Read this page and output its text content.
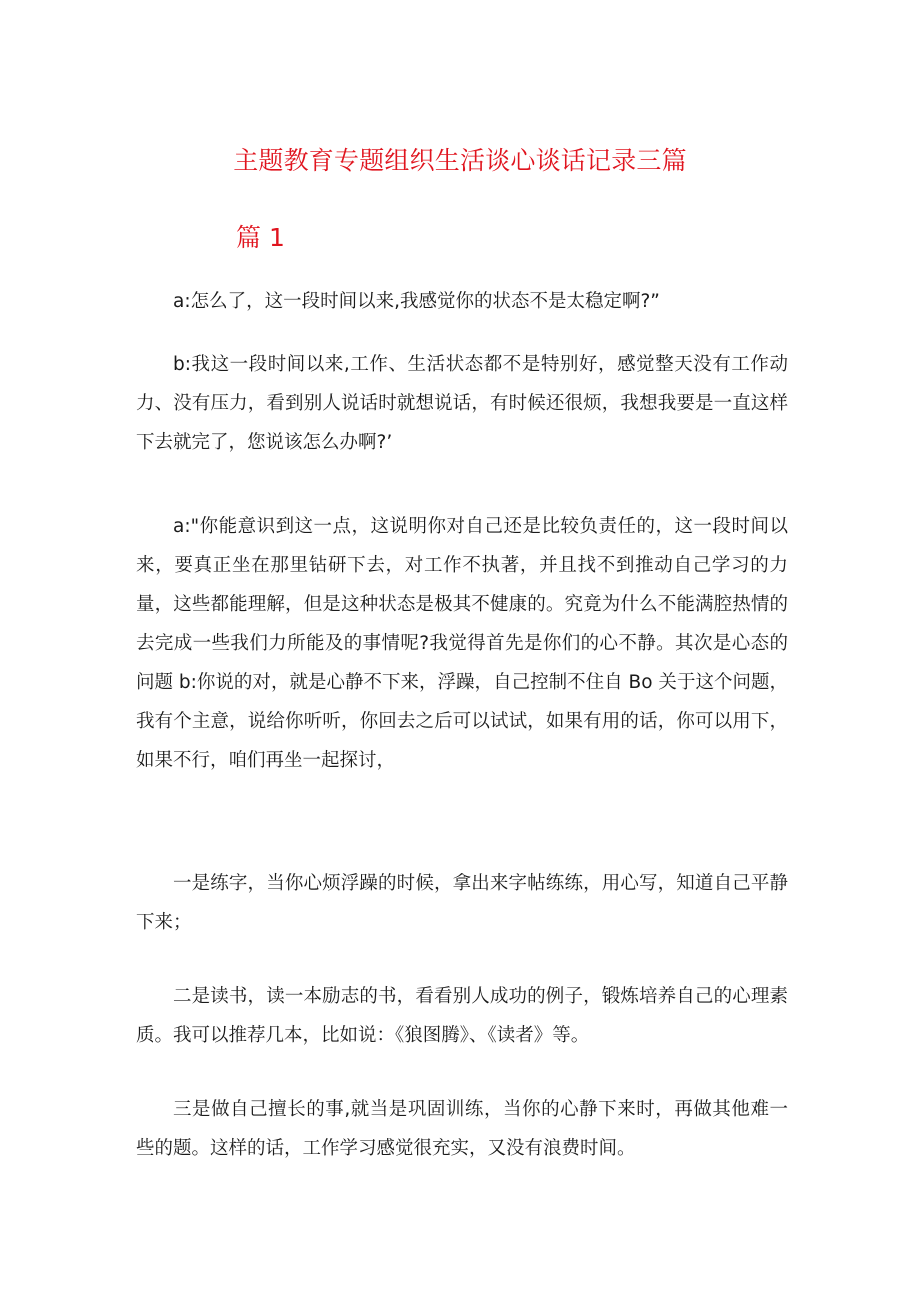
主题教育专题组织生活谈心谈话记录三篇
篇 1

a:怎么了，这一段时间以来,我感觉你的状态不是太稳定啊?”

b:我这一段时间以来,工作、生活状态都不是特别好，感觉整天没有工作动力、没有压力，看到别人说话时就想说话，有时候还很烦，我想我要是一直这样下去就完了，您说该怎么办啊?’

a:"你能意识到这一点，这说明你对自己还是比较负责任的，这一段时间以来，要真正坐在那里钻研下去，对工作不执著，并且找不到推动自己学习的力量，这些都能理解，但是这种状态是极其不健康的。究竟为什么不能满腔热情的去完成一些我们力所能及的事情呢?我觉得首先是你们的心不静。其次是心态的问题 b:你说的对，就是心静不下来，浮躁，自己控制不住自 Bo 关于这个问题，我有个主意，说给你听听，你回去之后可以试试，如果有用的话，你可以用下，如果不行，咱们再坐一起探讨，

一是练字，当你心烦浮躁的时候，拿出来字帖练练，用心写，知道自己平静下来；

二是读书，读一本励志的书，看看别人成功的例子，锻炼培养自己的心理素质。我可以推荐几本，比如说：《狼图腾》、《读者》等。

三是做自己擅长的事,就当是巩固训练，当你的心静下来时，再做其他难一些的题。这样的话，工作学习感觉很充实，又没有浪费时间。
